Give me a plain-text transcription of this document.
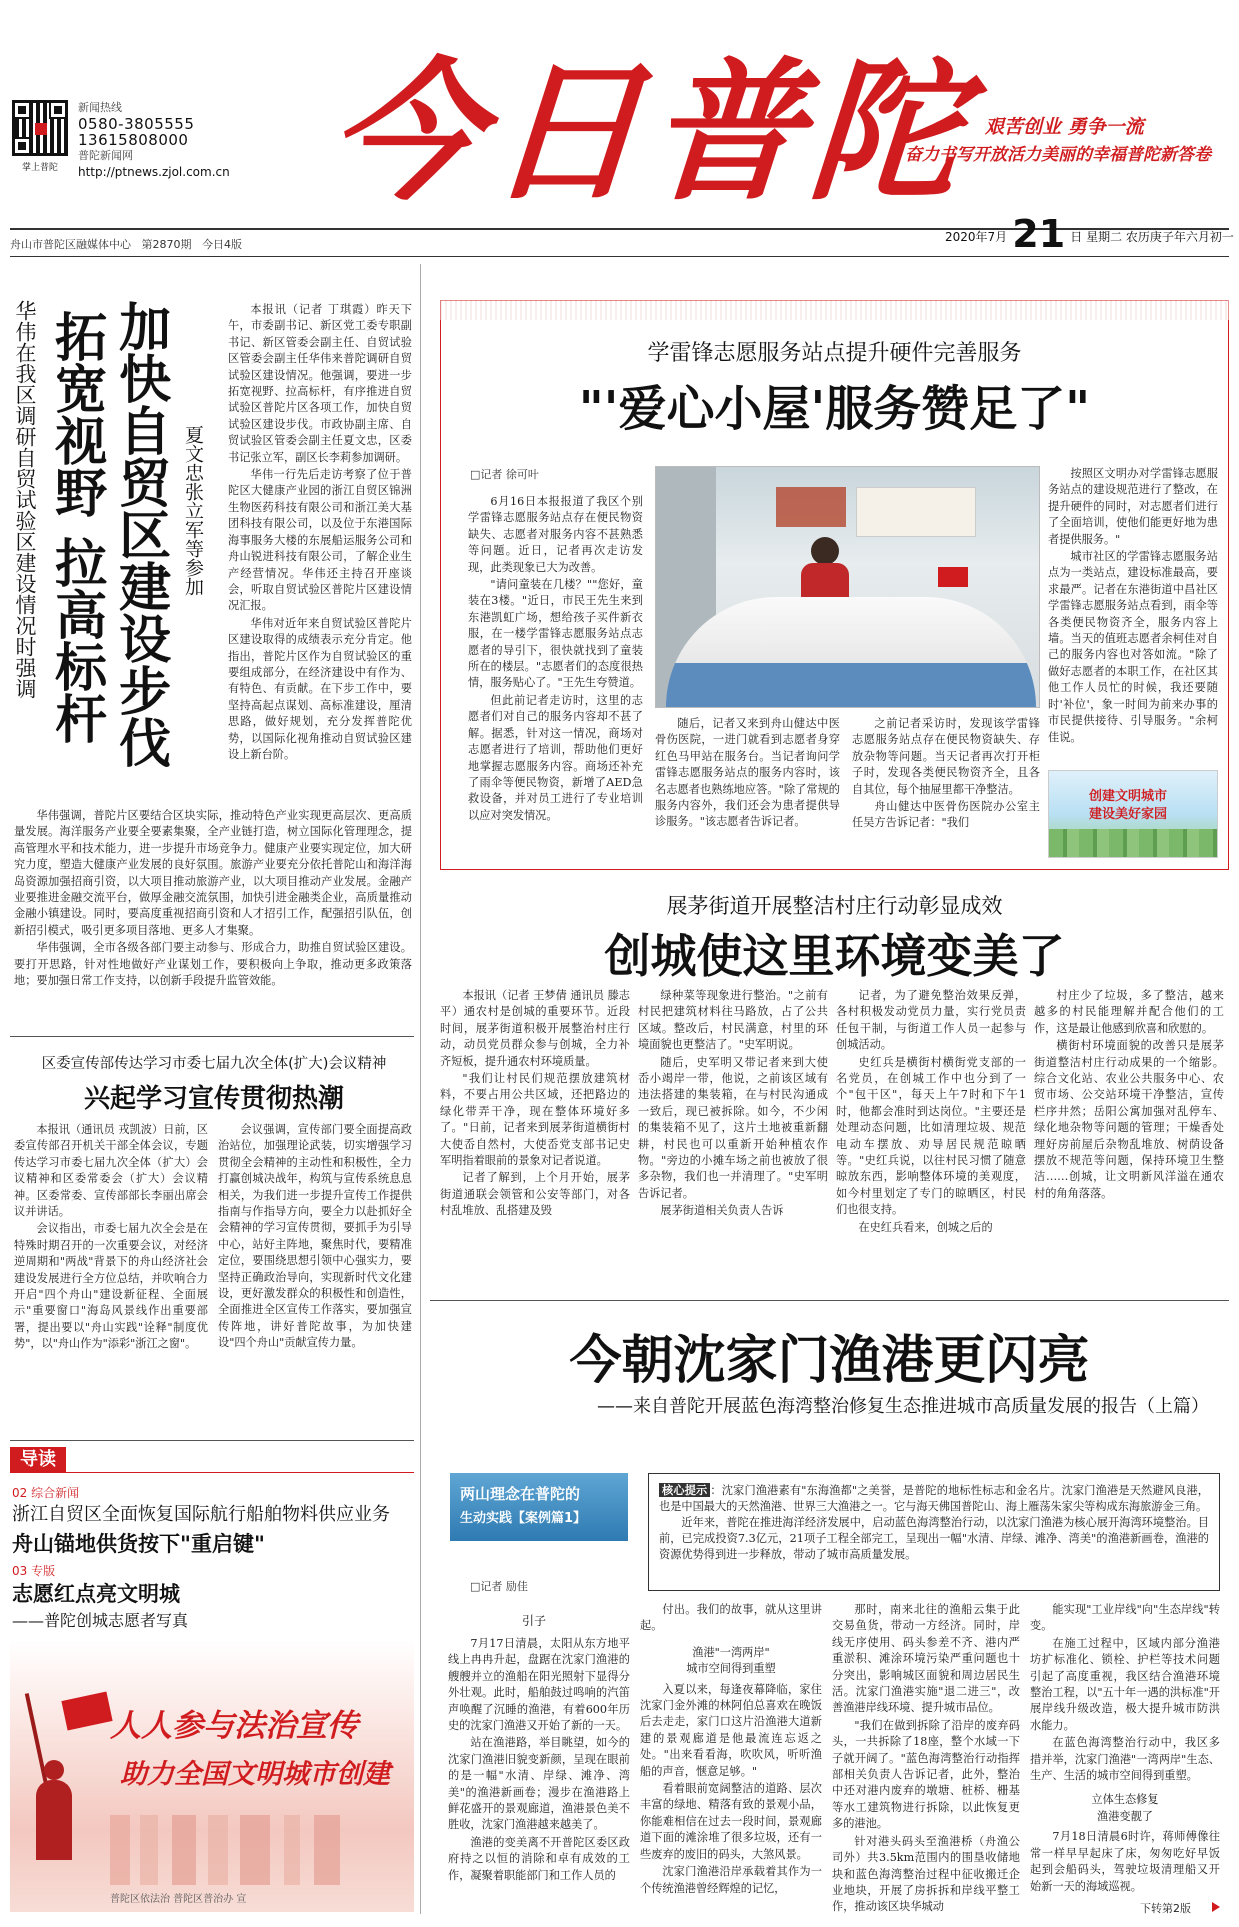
掌上普陀
新闻热线
0580-3805555
13615808000
普陀新闻网
http://ptnews.zjol.com.cn 今日普陀 艰苦创业 勇争一流
奋力书写开放活力美丽的幸福普陀新答卷
舟山市普陀区融媒体中心   第2870期   今日4版
2020年7月 21 日 星期二 农历庚子年六月初一
加快自贸区建设步伐
拓宽视野 拉高标杆
华伟在我区调研自贸试验区建设情况时强调	夏文忠张立军等参加

本报讯（记者 丁琪霞）昨天下午，市委副书记、新区党工委专职副书记、新区管委会副主任、自贸试验区管委会副主任华伟来普陀调研自贸试验区建设情况。他强调，要进一步拓宽视野、拉高标杆，有序推进自贸试验区普陀片区各项工作，加快自贸试验区建设步伐。市政协副主席、自贸试验区管委会副主任夏文忠，区委书记张立军，副区长李莉参加调研。

华伟一行先后走访考察了位于普陀区大健康产业园的浙江自贸区锦洲生物医药科技有限公司和浙江美大基团科技有限公司，以及位于东港国际海事服务大楼的东展船运服务公司和舟山锐进科技有限公司，了解企业生产经营情况。华伟还主持召开座谈会，听取自贸试验区普陀片区建设情况汇报。

华伟对近年来自贸试验区普陀片区建设取得的成绩表示充分肯定。他指出，普陀片区作为自贸试验区的重要组成部分，在经济建设中有作为、有特色、有贡献。在下步工作中，要坚持高起点谋划、高标准建设，厘清思路，做好规划，充分发挥普陀优势，以国际化视角推动自贸试验区建设上新台阶。

华伟强调，普陀片区要结合区块实际，推动特色产业实现更高层次、更高质量发展。海洋服务产业要全要素集聚，全产业链打造，树立国际化管理理念，提高管理水平和技术能力，进一步提升市场竞争力。健康产业要实现定位，加大研究力度，塑造大健康产业发展的良好氛围。旅游产业要充分依托普陀山和海洋海岛资源加强招商引资，以大项目推动旅游产业，以大项目推动产业发展。金融产业要推进金融交流平台，做厚金融交流氛围，加快引进金融类企业，高质量推动金融小镇建设。同时，要高度重视招商引资和人才招引工作，配强招引队伍，创新招引模式，吸引更多项目落地、更多人才集聚。

华伟强调，全市各级各部门要主动参与、形成合力，助推自贸试验区建设。要打开思路，针对性地做好产业谋划工作，要积极向上争取，推动更多政策落地；要加强日常工作支持，以创新手段提升监管效能。

区委宣传部传达学习市委七届九次全体(扩大)会议精神
兴起学习宣传贯彻热潮

本报讯（通讯员 戎凯波）日前，区委宣传部召开机关干部全体会议，专题传达学习市委七届九次全体（扩大）会议精神和区委常委会（扩大）会议精神。区委常委、宣传部部长李丽出席会议并讲话。

会议指出，市委七届九次全会是在特殊时期召开的一次重要会议，对经济逆周期和"两战"背景下的舟山经济社会建设发展进行全方位总结，并吹响合力开启"四个舟山"建设新征程、全面展示"重要窗口"海岛风景线作出重要部署，提出要以"舟山实践"诠释"制度优势"，以"舟山作为"添彩"浙江之窗"。

会议强调，宣传部门要全面提高政治站位，加强理论武装，切实增强学习贯彻全会精神的主动性和积极性，全力打赢创城决战年，构筑与宣传系统息息相关，为我们进一步提升宣传工作提供指南与作指导方向，要全力以赴抓好全会精神的学习宣传贯彻，要抓手为引导中心，站好主阵地，聚焦时代，要精准定位，要围绕思想引领中心强实力，要坚持正确政治导向，实现新时代文化建设，更好激发群众的积极性和创造性，全面推进全区宣传工作落实，要加强宣传阵地，讲好普陀故事，为加快建设"四个舟山"贡献宣传力量。

导读
02 综合新闻
浙江自贸区全面恢复国际航行船舶物料供应业务
舟山锚地供货按下"重启键"
03 专版
志愿红点亮文明城
——普陀创城志愿者写真
人人参与法治宣传
助力全国文明城市创建
普陀区依法治 普陀区普治办 宣
学雷锋志愿服务站点提升硬件完善服务
"'爱心小屋'服务赞足了"
□记者 徐可叶

6月16日本报报道了我区个别学雷锋志愿服务站点存在便民物资缺失、志愿者对服务内容不甚熟悉等问题。近日，记者再次走访发现，此类现象已大为改善。

"请问童装在几楼？""您好，童装在3楼。"近日，市民王先生来到东港凯虹广场，想给孩子买件新衣服，在一楼学雷锋志愿服务站点志愿者的导引下，很快就找到了童装所在的楼层。"志愿者们的态度很热情，服务贴心了。"王先生夸赞道。

但此前记者走访时，这里的志愿者们对自己的服务内容却不甚了解。据悉，针对这一情况，商场对志愿者进行了培训，帮助他们更好地掌握志愿服务内容。商场还补充了雨伞等便民物资，新增了AED急救设备，并对员工进行了专业培训以应对突发情况。

随后，记者又来到舟山健达中医骨伤医院，一进门就看到志愿者身穿红色马甲站在服务台。当记者询问学雷锋志愿服务站点的服务内容时，该名志愿者也熟练地应答。"除了常规的服务内容外，我们还会为患者提供导诊服务。"该志愿者告诉记者。

之前记者采访时，发现该学雷锋志愿服务站点存在便民物资缺失、存放杂物等问题。当天记者再次打开柜子时，发现各类便民物资齐全，且各自其位，每个抽屉里都干净整洁。

舟山健达中医骨伤医院办公室主任吴方告诉记者："我们

按照区文明办对学雷锋志愿服务站点的建设规范进行了整改，在提升硬件的同时，对志愿者们进行了全面培训，使他们能更好地为患者提供服务。"

城市社区的学雷锋志愿服务站点为一类站点，建设标准最高，要求最严。记者在东港街道中昌社区学雷锋志愿服务站点看到，雨伞等各类便民物资齐全，服务内容上墙。当天的值班志愿者余柯佳对自己的服务内容也对答如流。"除了做好志愿者的本职工作，在社区其他工作人员忙的时候，我还要随时'补位'，象一时间为前来办事的市民提供接待、引导服务。"余柯佳说。

创建文明城市
建设美好家园
展茅街道开展整洁村庄行动彰显成效
创城使这里环境变美了

本报讯（记者 王梦倩 通讯员 滕志平）通农村是创城的重要环节。近段时间，展茅街道积极开展整治村庄行动，动员党员群众参与创城，全力补齐短板，提升通农村环境质量。

"我们让村民们规范摆放建筑材料，不要占用公共区域，还把路边的绿化带弄干净，现在整体环境好多了。"日前，记者来到展茅街道横街村大使岙自然村，大使岙党支部书记史军明指着眼前的景象对记者说道。

记者了解到，上个月开始，展茅街道通联会领管和公安等部门，对各村乱堆放、乱搭建及毁

绿种菜等现象进行整治。"之前有村民把建筑材料往马路放，占了公共区域。整改后，村民满意，村里的环境面貌也更整洁了。"史军明说。

随后，史军明又带记者来到大使岙小竭岸一带，他说，之前该区域有违法搭建的集装箱，在与村民沟通成一致后，现已被拆除。如今，不少闲的集装箱不见了，这片土地被重新翻耕，村民也可以重新开始种植农作物。"旁边的小摊车场之前也被放了很多杂物，我们也一并清理了。"史军明告诉记者。

展茅街道相关负责人告诉

记者，为了避免整治效果反弹，各村积极发动党员力量，实行党员责任包干制，与街道工作人员一起参与创城活动。

史红兵是横街村横街党支部的一名党员，在创城工作中也分到了一个"包干区"，每天上午7时和下午1时，他都会准时到达岗位。"主要还是处理动态问题，比如清理垃圾、规范电动车摆放、劝导居民规范晾晒等。"史红兵说，以往村民习惯了随意晾放东西，影响整体环境的美观度，如今村里划定了专门的晾晒区，村民们也很支持。

在史红兵看来，创城之后的

村庄少了垃圾，多了整洁，越来越多的村民能理解并配合他们的工作，这是最让他感到欣喜和欣慰的。

横街村环境面貌的改善只是展茅街道整洁村庄行动成果的一个缩影。综合文化站、农业公共服务中心、农贸市场、公交站环境干净整洁，宣传栏序井然；岳阳公寓加强对乱停车、绿化地杂物等问题的管理；干燥香处理好房前屋后杂物乱堆放、树荫设备摆放不规范等问题，保持环境卫生整洁……创城，让文明新风洋溢在通农村的角角落落。

今朝沈家门渔港更闪亮
——来自普陀开展蓝色海湾整治修复生态推进城市高质量发展的报告（上篇）
两山理念在普陀的
生动实践【案例篇1】
核心提示 ：沈家门渔港素有"东海渔都"之美誉，是普陀的地标性标志和金名片。沈家门渔港是天然避风良港，也是中国最大的天然渔港、世界三大渔港之一。它与海天佛国普陀山、海上雁荡朱家尖等构成东海旅游金三角。
近年来，普陀在推进海洋经济发展中，启动蓝色海湾整治行动，以沈家门渔港为核心展开海湾环境整治。目前，已完成投资7.3亿元，21项子工程全部完工，呈现出一幅"水清、岸绿、滩净、湾美"的渔港新画卷，渔港的资源优势得到进一步释放，带动了城市高质量发展。
□记者 励佳
引子

7月17日清晨，太阳从东方地平线上冉冉升起，盘踞在沈家门渔港的艘艘并立的渔船在阳光照射下显得分外壮观。此时，船舶鼓过鸣响的汽笛声唤醒了沉睡的渔港，有着600年历史的沈家门渔港又开始了新的一天。

站在渔港路，举目眺望，如今的沈家门渔港旧貌变新颜，呈现在眼前的是一幅"水清、岸绿、滩净、湾美"的渔港新画卷；漫步在渔港路上鲜花盛开的景观廊道，渔港景色美不胜收，沈家门渔港越来越美了。

渔港的变美离不开普陀区委区政府持之以恒的消除和卓有成效的工作，凝聚着职能部门和工作人员的

付出。我们的故事，就从这里讲起。

渔港"一湾两岸"
城市空间得到重塑

入夏以来，每逢夜幕降临，家住沈家门金外滩的林阿伯总喜欢在晚饭后去走走，家门口这片沿渔港大道新建的景观廊道是他最流连忘返之处。"出来看看海，吹吹风，听听渔船的声音，惬意足够。"

看着眼前宽阔整洁的道路、层次丰富的绿地、精落有致的景观小品，你能难相信在过去一段时间，景观廊道下面的滩涂堆了很多垃圾，还有一些废弃的废旧的码头，大煞风景。

沈家门渔港沿岸承载着其作为一个传统渔港曾经辉煌的记忆，

那时，南来北往的渔船云集于此交易鱼货，带动一方经济。同时，岸线无序使用、码头参差不齐、港内严重淤积、滩涂环境污染严重问题也十分突出，影响城区面貌和周边居民生活。沈家门渔港实施"退二进三"，改善渔港岸线环境、提升城市品位。

"我们在做到拆除了沿岸的废弃码头，一共拆除了18座，整个水域一下子就开阔了。"蓝色海湾整治行动指挥部相关负责人告诉记者，此外，整治中还对港内废弃的墩塘、桩桥、栅基等水工建筑物进行拆除，以此恢复更多的港池。

针对港头码头至渔港桥（舟渔公司外）共3.5km范围内的围垦收储地块和蓝色海湾整治过程中征收搬迁企业地块，开展了房拆拆和岸线平整工作，推动该区块华城动

能实现"工业岸线"向"生态岸线"转变。

在施工过程中，区域内部分渔港坊扩标准化、锁栓、护栏等技术问题引起了高度重视，我区结合渔港环境整治工程，以"五十年一遇的洪标准"开展岸线升级改造，极大提升城市防洪水能力。

在蓝色海湾整治行动中，我区多措并举，沈家门渔港"一湾两岸"生态、生产、生活的城市空间得到重塑。

立体生态修复
渔港变靓了

7月18日清晨6时许，蒋师傅像往常一样早早起床了床，匆匆吃好早饭起到会船码头，驾驶垃圾清理船又开始新一天的海域巡视。

下转第2版
